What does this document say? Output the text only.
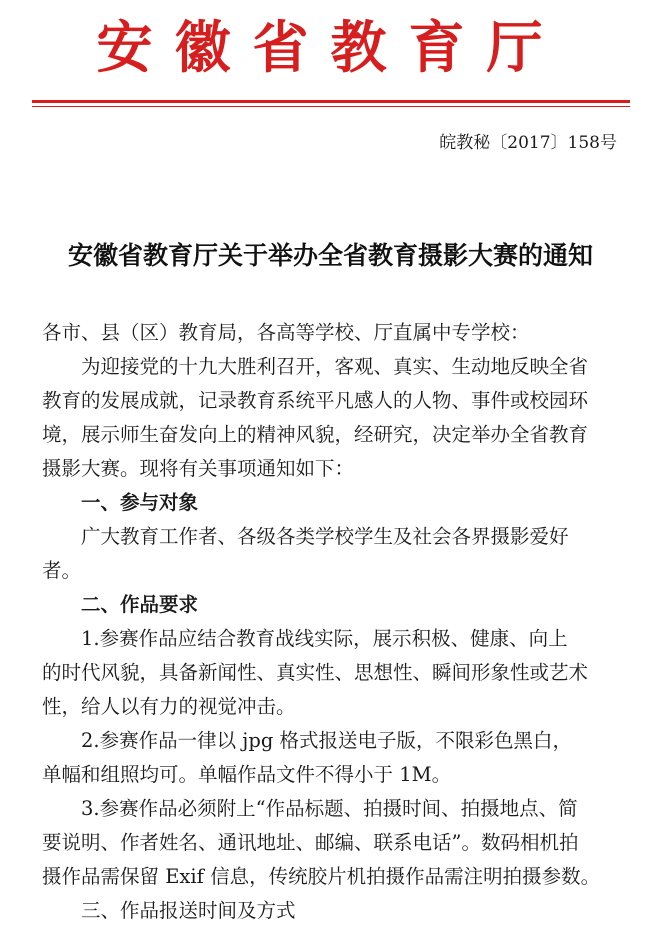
安徽省教育厅
皖教秘〔2017〕158号
安徽省教育厅关于举办全省教育摄影大赛的通知
各市、县（区）教育局，各高等学校、厅直属中专学校：
为迎接党的十九大胜利召开，客观、真实、生动地反映全省
教育的发展成就，记录教育系统平凡感人的人物、事件或校园环
境，展示师生奋发向上的精神风貌，经研究，决定举办全省教育
摄影大赛。现将有关事项通知如下：
一、参与对象
广大教育工作者、各级各类学校学生及社会各界摄影爱好
者。
二、作品要求
1.参赛作品应结合教育战线实际，展示积极、健康、向上
的时代风貌，具备新闻性、真实性、思想性、瞬间形象性或艺术
性，给人以有力的视觉冲击。
2.参赛作品一律以 jpg 格式报送电子版，不限彩色黑白，
单幅和组照均可。单幅作品文件不得小于 1M。
3.参赛作品必须附上“作品标题、拍摄时间、拍摄地点、简
要说明、作者姓名、通讯地址、邮编、联系电话”。数码相机拍
摄作品需保留 Exif 信息，传统胶片机拍摄作品需注明拍摄参数。
三、作品报送时间及方式
